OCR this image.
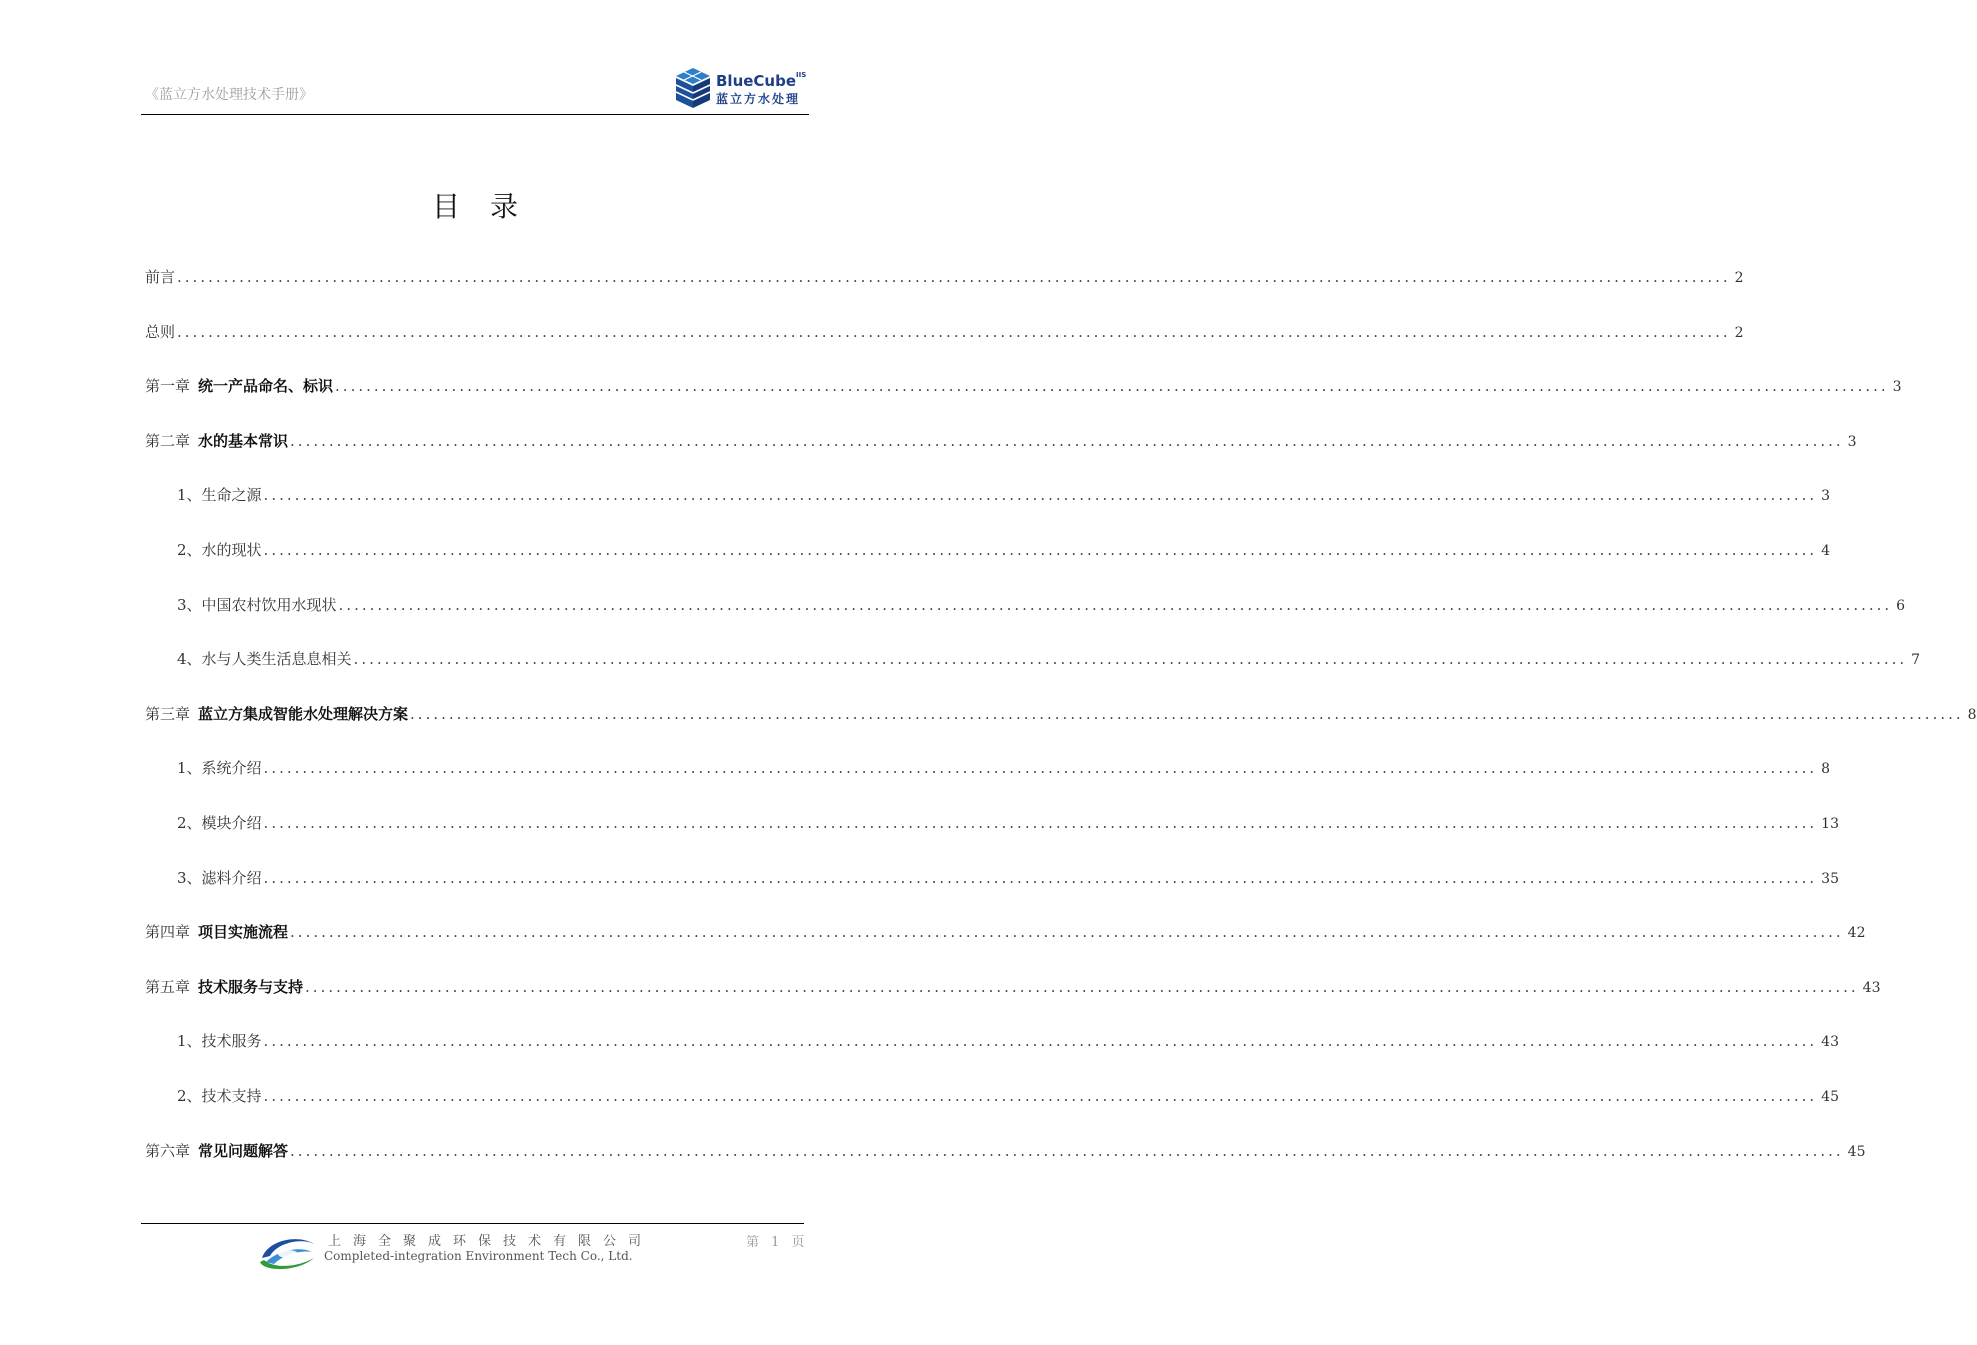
《蓝立方水处理技术手册》
BlueCube$^{IIS}$
蓝立方水处理
目录
前言 ........................................................................................................................................................................................................ 2
总则 ........................................................................................................................................................................................................ 2
第一章 统一产品命名、标识 ........................................................................................................................................................................................................ 3
第二章 水的基本常识 ........................................................................................................................................................................................................ 3
1、生命之源 ........................................................................................................................................................................................................ 3
2、水的现状 ........................................................................................................................................................................................................ 4
3、中国农村饮用水现状 ........................................................................................................................................................................................................ 6
4、水与人类生活息息相关 ........................................................................................................................................................................................................ 7
第三章 蓝立方集成智能水处理解决方案 ........................................................................................................................................................................................................ 8
1、系统介绍 ........................................................................................................................................................................................................ 8
2、模块介绍 ........................................................................................................................................................................................................ 13
3、滤料介绍 ........................................................................................................................................................................................................ 35
第四章 项目实施流程 ........................................................................................................................................................................................................ 42
第五章 技术服务与支持 ........................................................................................................................................................................................................ 43
1、技术服务 ........................................................................................................................................................................................................ 43
2、技术支持 ........................................................................................................................................................................................................ 45
第六章 常见问题解答 ........................................................................................................................................................................................................ 45
上海全聚成环保技术有限公司
Completed-integration Environment Tech Co., Ltd.
第 1 页
